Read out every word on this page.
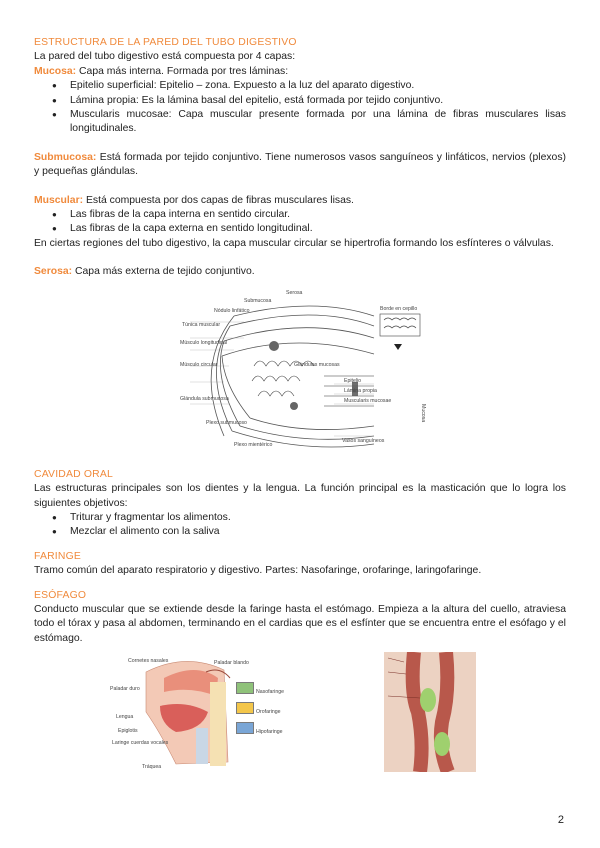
ESTRUCTURA DE LA PARED DEL TUBO DIGESTIVO

La pared del tubo digestivo está compuesta por 4 capas:

Mucosa: Capa más interna. Formada por tres láminas:

● Epitelio superficial: Epitelio – zona. Expuesto a la luz del aparato digestivo.
● Lámina propia: Es la lámina basal del epitelio, está formada por tejido conjuntivo.
● Muscularis mucosae: Capa muscular presente formada por una lámina de fibras musculares lisas longitudinales.

Submucosa: Está formada por tejido conjuntivo. Tiene numerosos vasos sanguíneos y linfáticos, nervios (plexos) y pequeñas glándulas.

Muscular: Está compuesta por dos capas de fibras musculares lisas.

● Las fibras de la capa interna en sentido circular.
● Las fibras de la capa externa en sentido longitudinal.

En ciertas regiones del tubo digestivo, la capa muscular circular se hipertrofia formando los esfínteres o válvulas.

Serosa: Capa más externa de tejido conjuntivo.

Serosa
Submucosa
Nódulo linfático
Túnica muscular
Músculo longitudinal
Músculo circular
Glándula submucosa
Plexo submucoso
Plexo mientérico
Glándulas mucosas
Epitelio
Lámina propia
Muscularis mucosae
Mucosa
Vasos sanguíneos
Borde en cepillo

CAVIDAD ORAL

Las estructuras principales son los dientes y la lengua. La función principal es la masticación que lo logra los siguientes objetivos:

● Triturar y fragmentar los alimentos.
● Mezclar el alimento con la saliva

FARINGE

Tramo común del aparato respiratorio y digestivo. Partes: Nasofaringe, orofaringe, laringofaringe.

ESÓFAGO

Conducto muscular que se extiende desde la faringe hasta el estómago. Empieza a la altura del cuello, atraviesa todo el tórax y pasa al abdomen, terminando en el cardias que es el esfínter que se encuentra entre el esófago y el estómago.

Cornetes nasales	Paladar blando
Paladar duro
Lengua
Epiglotis
Laringe cuerdas vocales
Tráquea
Nasofaringe
Orofaringe
Hipofaringe
2
